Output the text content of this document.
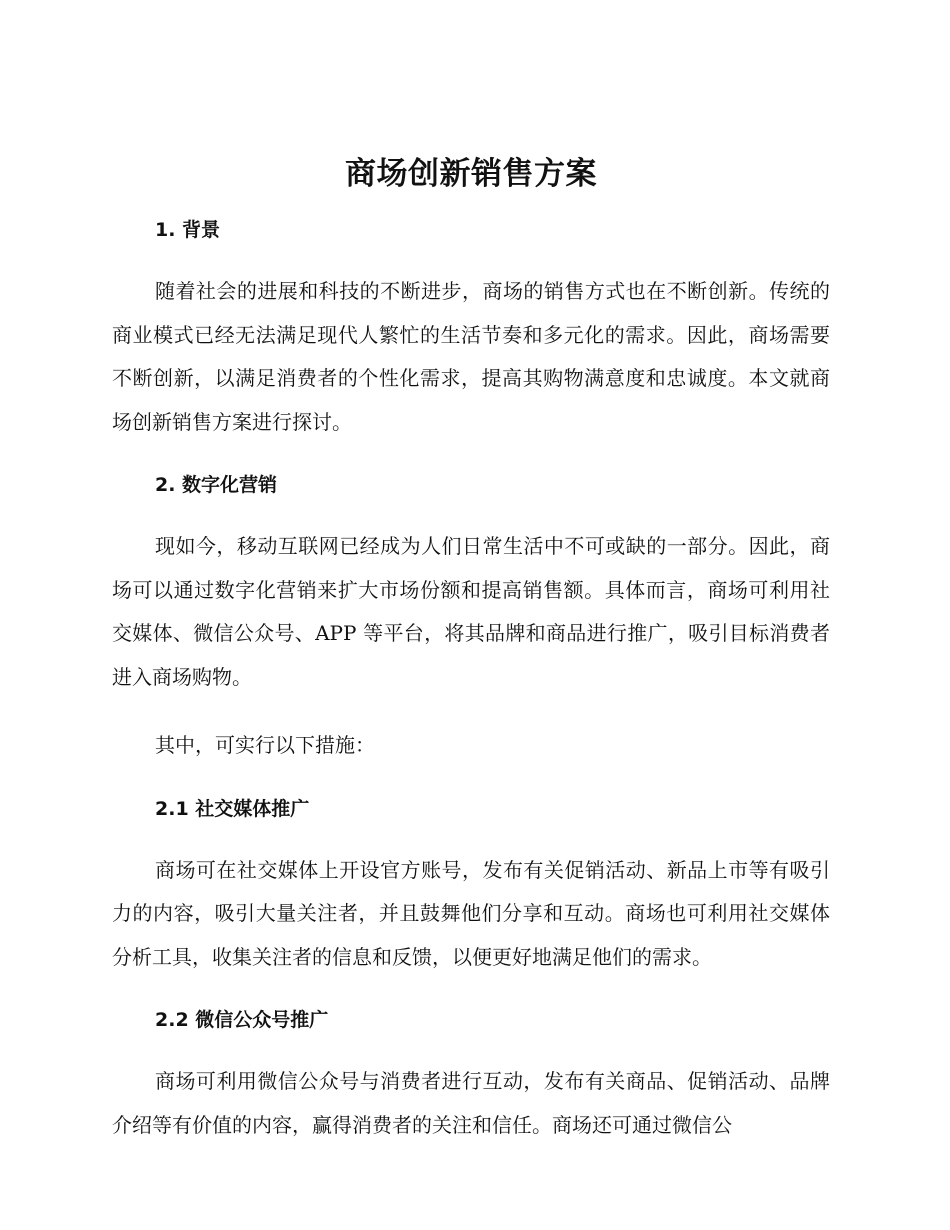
商场创新销售方案
1. 背景

随着社会的进展和科技的不断进步，商场的销售方式也在不断创新。传统的商业模式已经无法满足现代人繁忙的生活节奏和多元化的需求。因此，商场需要不断创新，以满足消费者的个性化需求，提高其购物满意度和忠诚度。本文就商场创新销售方案进行探讨。

2. 数字化营销

现如今，移动互联网已经成为人们日常生活中不可或缺的一部分。因此，商场可以通过数字化营销来扩大市场份额和提高销售额。具体而言，商场可利用社交媒体、微信公众号、APP 等平台，将其品牌和商品进行推广，吸引目标消费者进入商场购物。

其中，可实行以下措施：

2.1 社交媒体推广

商场可在社交媒体上开设官方账号，发布有关促销活动、新品上市等有吸引力的内容，吸引大量关注者，并且鼓舞他们分享和互动。商场也可利用社交媒体分析工具，收集关注者的信息和反馈，以便更好地满足他们的需求。

2.2 微信公众号推广

商场可利用微信公众号与消费者进行互动，发布有关商品、促销活动、品牌介绍等有价值的内容，赢得消费者的关注和信任。商场还可通过微信公
